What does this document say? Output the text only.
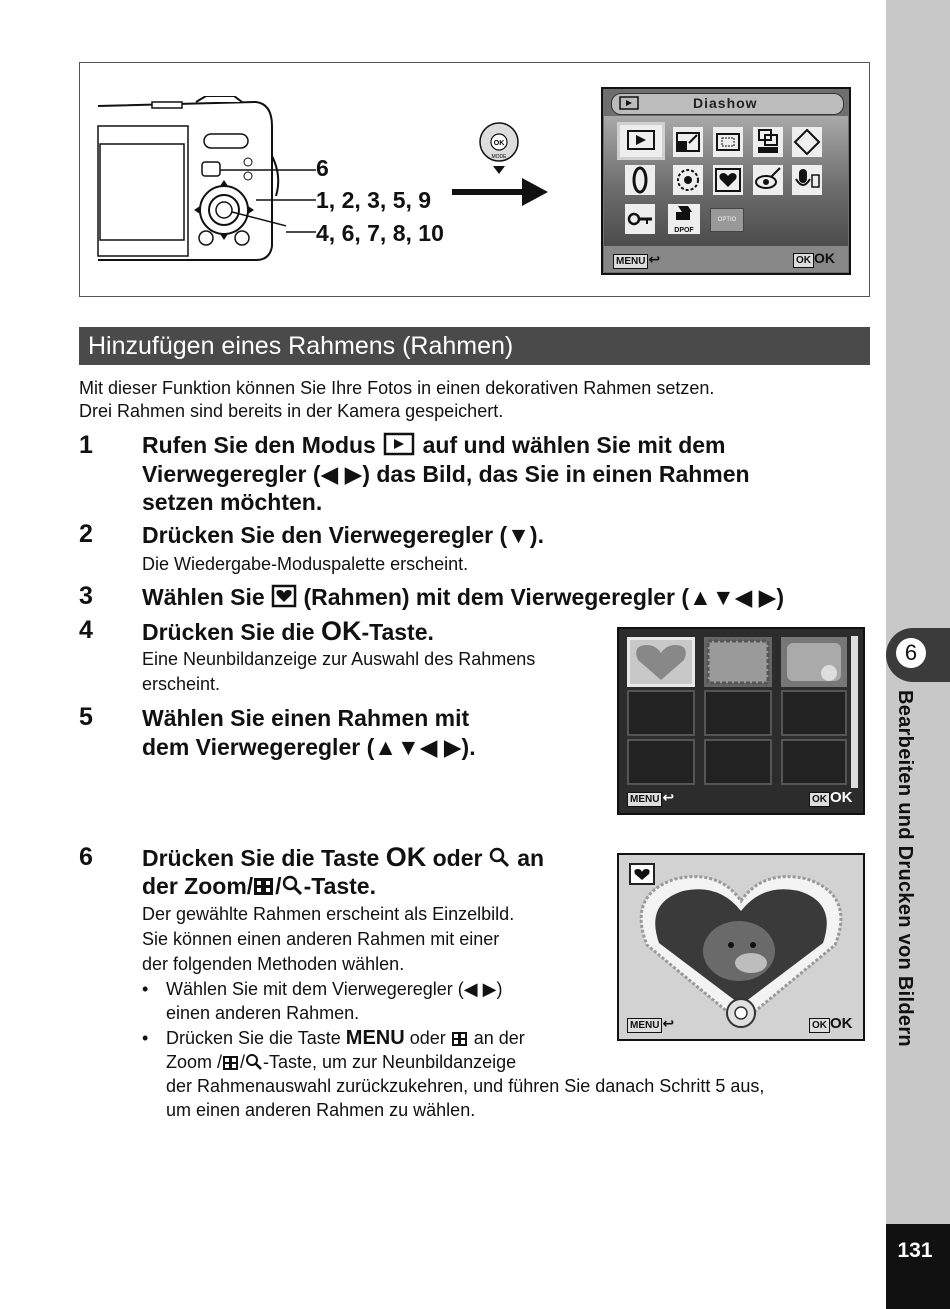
6
Bearbeiten und Drucken von Bildern
131
6
1, 2, 3, 5, 9
4, 6, 7, 8, 10
OK
MODE
Diashow
DPOF
OPTIO
MENU ↩	OK OK
Hinzufügen eines Rahmens (Rahmen)
Mit dieser Funktion können Sie Ihre Fotos in einen dekorativen Rahmen setzen.
Drei Rahmen sind bereits in der Kamera gespeichert.
1 Rufen Sie den Modus auf und wählen Sie mit dem
Vierwegeregler (◀ ▶) das Bild, das Sie in einen Rahmen
setzen möchten.
2 Drücken Sie den Vierwegeregler (▼).
Die Wiedergabe-Moduspalette erscheint.
3 Wählen Sie (Rahmen) mit dem Vierwegeregler (▲▼◀ ▶)
4 Drücken Sie die OK-Taste.
Eine Neunbildanzeige zur Auswahl des Rahmens
erscheint.
5 Wählen Sie einen Rahmen mit
dem Vierwegeregler (▲▼◀ ▶).
MENU ↩	OK OK
6 Drücken Sie die Taste OK oder an
der Zoom/ / -Taste.
Der gewählte Rahmen erscheint als Einzelbild.
Sie können einen anderen Rahmen mit einer
der folgenden Methoden wählen.
• Wählen Sie mit dem Vierwegeregler (◀ ▶)
einen anderen Rahmen.
• Drücken Sie die Taste MENU oder an der
Zoom / / -Taste, um zur Neunbildanzeige
der Rahmenauswahl zurückzukehren, und führen Sie danach Schritt 5 aus,
um einen anderen Rahmen zu wählen.
MENU ↩	OK OK
